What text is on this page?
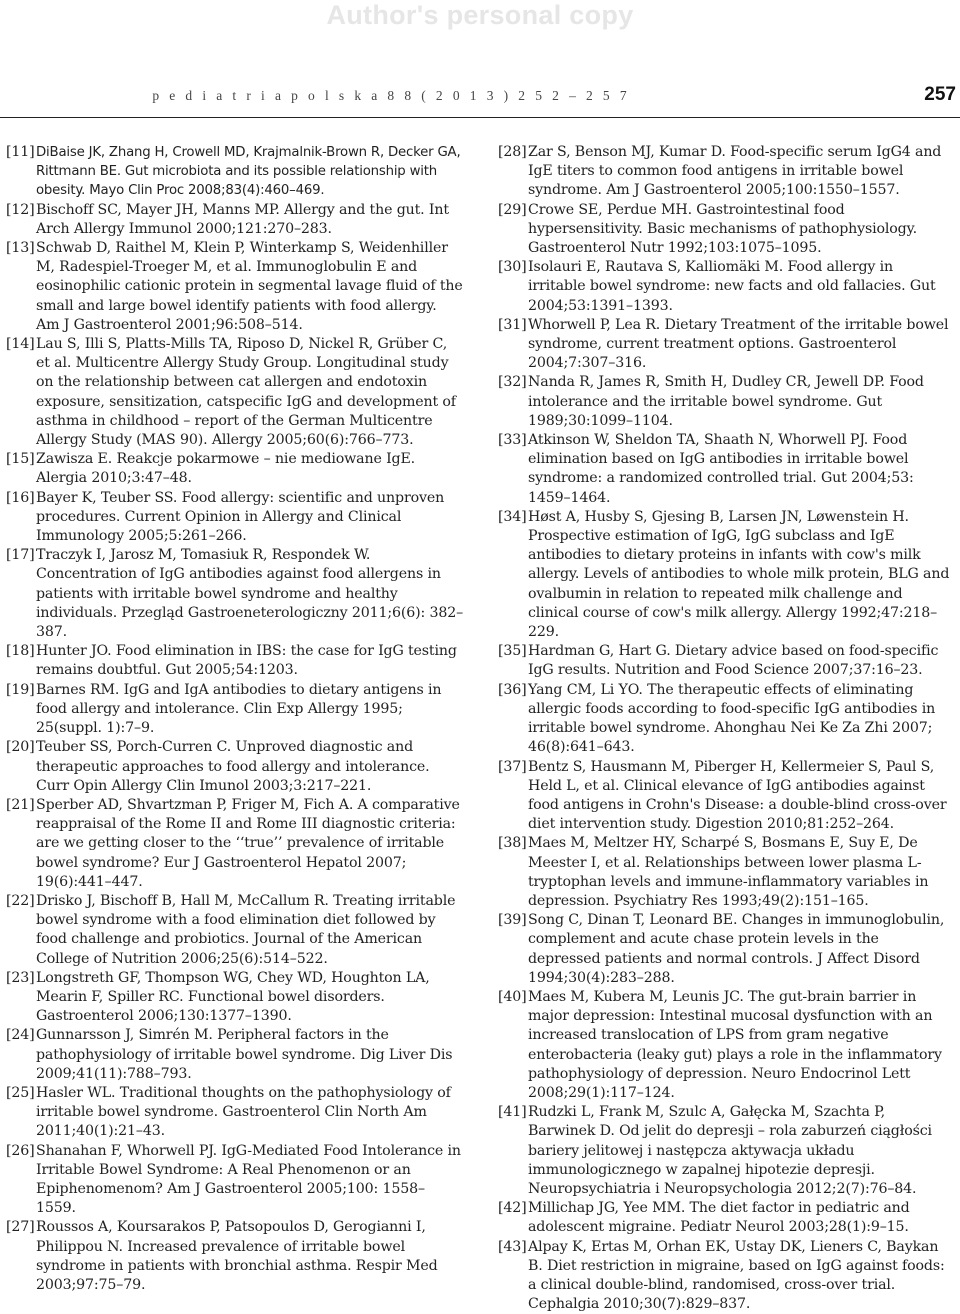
Author's personal copy
p e d i a t r i a p o l s k a 8 8 ( 2 0 1 3 ) 2 5 2 – 2 5 7	257
[11] DiBaise JK, Zhang H, Crowell MD, Krajmalnik-Brown R, Decker GA, Rittmann BE. Gut microbiota and its possible relationship with obesity. Mayo Clin Proc 2008;83(4):460–469.
[12] Bischoff SC, Mayer JH, Manns MP. Allergy and the gut. Int Arch Allergy Immunol 2000;121:270–283.
[13] Schwab D, Raithel M, Klein P, Winterkamp S, Weidenhiller M, Radespiel-Troeger M, et al. Immunoglobulin E and eosinophilic cationic protein in segmental lavage fluid of the small and large bowel identify patients with food allergy. Am J Gastroenterol 2001;96:508–514.
[14] Lau S, Illi S, Platts-Mills TA, Riposo D, Nickel R, Grüber C, et al. Multicentre Allergy Study Group. Longitudinal study on the relationship between cat allergen and endotoxin exposure, sensitization, catspecific IgG and development of asthma in childhood – report of the German Multicentre Allergy Study (MAS 90). Allergy 2005;60(6):766–773.
[15] Zawisza E. Reakcje pokarmowe – nie mediowane IgE. Alergia 2010;3:47–48.
[16] Bayer K, Teuber SS. Food allergy: scientific and unproven procedures. Current Opinion in Allergy and Clinical Immunology 2005;5:261–266.
[17] Traczyk I, Jarosz M, Tomasiuk R, Respondek W. Concentration of IgG antibodies against food allergens in patients with irritable bowel syndrome and healthy individuals. Przegląd Gastroeneterologiczny 2011;6(6): 382–387.
[18] Hunter JO. Food elimination in IBS: the case for IgG testing remains doubtful. Gut 2005;54:1203.
[19] Barnes RM. IgG and IgA antibodies to dietary antigens in food allergy and intolerance. Clin Exp Allergy 1995; 25(suppl. 1):7–9.
[20] Teuber SS, Porch-Curren C. Unproved diagnostic and therapeutic approaches to food allergy and intolerance. Curr Opin Allergy Clin Imunol 2003;3:217–221.
[21] Sperber AD, Shvartzman P, Friger M, Fich A. A comparative reappraisal of the Rome II and Rome III diagnostic criteria: are we getting closer to the ‘‘true’’ prevalence of irritable bowel syndrome? Eur J Gastroenterol Hepatol 2007; 19(6):441–447.
[22] Drisko J, Bischoff B, Hall M, McCallum R. Treating irritable bowel syndrome with a food elimination diet followed by food challenge and probiotics. Journal of the American College of Nutrition 2006;25(6):514–522.
[23] Longstreth GF, Thompson WG, Chey WD, Houghton LA, Mearin F, Spiller RC. Functional bowel disorders. Gastroenterol 2006;130:1377–1390.
[24] Gunnarsson J, Simrén M. Peripheral factors in the pathophysiology of irritable bowel syndrome. Dig Liver Dis 2009;41(11):788–793.
[25] Hasler WL. Traditional thoughts on the pathophysiology of irritable bowel syndrome. Gastroenterol Clin North Am 2011;40(1):21–43.
[26] Shanahan F, Whorwell PJ. IgG-Mediated Food Intolerance in Irritable Bowel Syndrome: A Real Phenomenon or an Epiphenomenom? Am J Gastroenterol 2005;100: 1558–1559.
[27] Roussos A, Koursarakos P, Patsopoulos D, Gerogianni I, Philippou N. Increased prevalence of irritable bowel syndrome in patients with bronchial asthma. Respir Med 2003;97:75–79.
[28] Zar S, Benson MJ, Kumar D. Food-specific serum IgG4 and IgE titers to common food antigens in irritable bowel syndrome. Am J Gastroenterol 2005;100:1550–1557.
[29] Crowe SE, Perdue MH. Gastrointestinal food hypersensitivity. Basic mechanisms of pathophysiology. Gastroenterol Nutr 1992;103:1075–1095.
[30] Isolauri E, Rautava S, Kalliomäki M. Food allergy in irritable bowel syndrome: new facts and old fallacies. Gut 2004;53:1391–1393.
[31] Whorwell P, Lea R. Dietary Treatment of the irritable bowel syndrome, current treatment options. Gastroenterol 2004;7:307–316.
[32] Nanda R, James R, Smith H, Dudley CR, Jewell DP. Food intolerance and the irritable bowel syndrome. Gut 1989;30:1099–1104.
[33] Atkinson W, Sheldon TA, Shaath N, Whorwell PJ. Food elimination based on IgG antibodies in irritable bowel syndrome: a randomized controlled trial. Gut 2004;53: 1459–1464.
[34] Høst A, Husby S, Gjesing B, Larsen JN, Løwenstein H. Prospective estimation of IgG, IgG subclass and IgE antibodies to dietary proteins in infants with cow's milk allergy. Levels of antibodies to whole milk protein, BLG and ovalbumin in relation to repeated milk challenge and clinical course of cow's milk allergy. Allergy 1992;47:218–229.
[35] Hardman G, Hart G. Dietary advice based on food-specific IgG results. Nutrition and Food Science 2007;37:16–23.
[36] Yang CM, Li YO. The therapeutic effects of eliminating allergic foods according to food-specific IgG antibodies in irritable bowel syndrome. Ahonghau Nei Ke Za Zhi 2007; 46(8):641–643.
[37] Bentz S, Hausmann M, Piberger H, Kellermeier S, Paul S, Held L, et al. Clinical elevance of IgG antibodies against food antigens in Crohn's Disease: a double-blind cross-over diet intervention study. Digestion 2010;81:252–264.
[38] Maes M, Meltzer HY, Scharpé S, Bosmans E, Suy E, De Meester I, et al. Relationships between lower plasma L-tryptophan levels and immune-inflammatory variables in depression. Psychiatry Res 1993;49(2):151–165.
[39] Song C, Dinan T, Leonard BE. Changes in immunoglobulin, complement and acute chase protein levels in the depressed patients and normal controls. J Affect Disord 1994;30(4):283–288.
[40] Maes M, Kubera M, Leunis JC. The gut-brain barrier in major depression: Intestinal mucosal dysfunction with an increased translocation of LPS from gram negative enterobacteria (leaky gut) plays a role in the inflammatory pathophysiology of depression. Neuro Endocrinol Lett 2008;29(1):117–124.
[41] Rudzki L, Frank M, Szulc A, Gałęcka M, Szachta P, Barwinek D. Od jelit do depresji – rola zaburzeń ciągłości bariery jelitowej i następcza aktywacja układu immunologicznego w zapalnej hipotezie depresji. Neuropsychiatria i Neuropsychologia 2012;2(7):76–84.
[42] Millichap JG, Yee MM. The diet factor in pediatric and adolescent migraine. Pediatr Neurol 2003;28(1):9–15.
[43] Alpay K, Ertas M, Orhan EK, Ustay DK, Lieners C, Baykan B. Diet restriction in migraine, based on IgG against foods: a clinical double-blind, randomised, cross-over trial. Cephalgia 2010;30(7):829–837.
